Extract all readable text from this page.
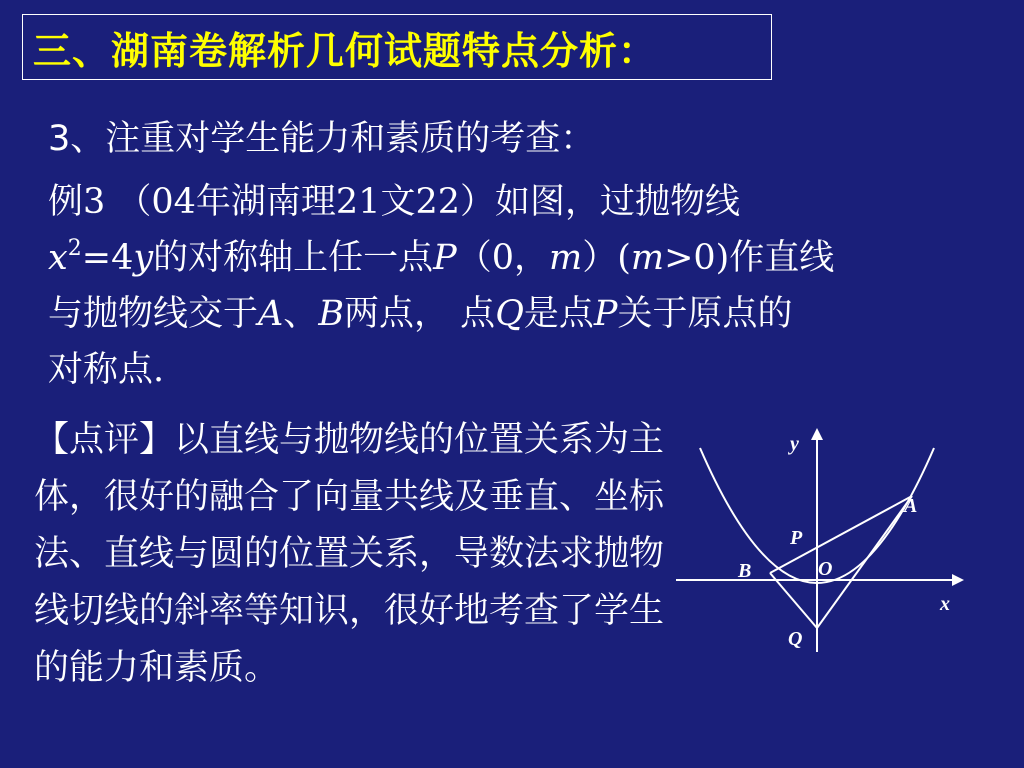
三、湖南卷解析几何试题特点分析：
3、注重对学生能力和素质的考查：
例3 （04年湖南理21文22）如图，过抛物线
$x^2=4y$的对称轴上任一点P（0，m）(m>0)作直线
与抛物线交于A、B两点， 点Q是点P关于原点的
对称点.
【点评】以直线与抛物线的位置关系为主体，很好的融合了向量共线及垂直、坐标法、直线与圆的位置关系，导数法求抛物线切线的斜率等知识，很好地考查了学生的能力和素质。
y
x
A
B
P
O
Q
